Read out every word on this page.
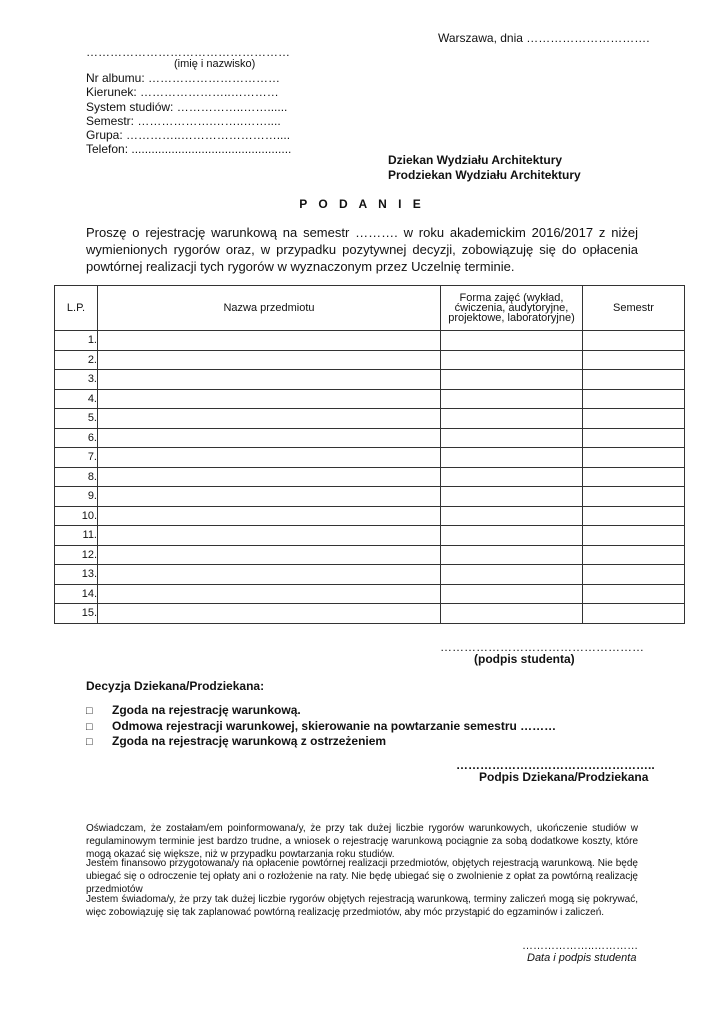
Warszawa, dnia ………………………….
……………………………………………
(imię i nazwisko)
Nr albumu: ……………………………
Kierunek: …………………..…………
System studiów: ……………..……......
Semestr: ……………….……..……....
Grupa: …………..……………………....
Telefon: ................................................
Dziekan Wydziału Architektury
Prodziekan Wydziału Architektury
P O D A N I E
Proszę o rejestrację warunkową na semestr ………. w roku akademickim 2016/2017 z niżej wymienionych rygorów oraz, w przypadku pozytywnej decyzji, zobowiązuję się do opłacenia powtórnej realizacji tych rygorów w wyznaczonym przez Uczelnię terminie.
L.P.	Nazwa przedmiotu	Forma zajęć (wykład, ćwiczenia, audytoryjne, projektowe, laboratoryjne)	Semestr
1.			
2.			
3.			
4.			
5.			
6.			
7.			
8.			
9.			
10.			
11.			
12.			
13.			
14.			
15.			
……………………………………………
(podpis studenta)
Decyzja Dziekana/Prodziekana:
□ Zgoda na rejestrację warunkową.
□ Odmowa rejestracji warunkowej, skierowanie na powtarzanie semestru ………
□ Zgoda na rejestrację warunkową z ostrzeżeniem
…………………………………………..
Podpis Dziekana/Prodziekana
Oświadczam, że zostałam/em poinformowana/y, że przy tak dużej liczbie rygorów warunkowych, ukończenie studiów w regulaminowym terminie jest bardzo trudne, a wniosek o rejestrację warunkową pociągnie za sobą dodatkowe koszty, które mogą okazać się większe, niż w przypadku powtarzania roku studiów.
Jestem finansowo przygotowana/y na opłacenie powtórnej realizacji przedmiotów, objętych rejestracją warunkową. Nie będę ubiegać się o odroczenie tej opłaty ani o rozłożenie na raty. Nie będę ubiegać się o zwolnienie z opłat za powtórną realizację przedmiotów
Jestem świadoma/y, że przy tak dużej liczbie rygorów objętych rejestracją warunkową, terminy zaliczeń mogą się pokrywać, więc zobowiązuję się tak zaplanować powtórną realizację przedmiotów, aby móc przystąpić do egzaminów i zaliczeń.
………………..…………
Data i podpis studenta
